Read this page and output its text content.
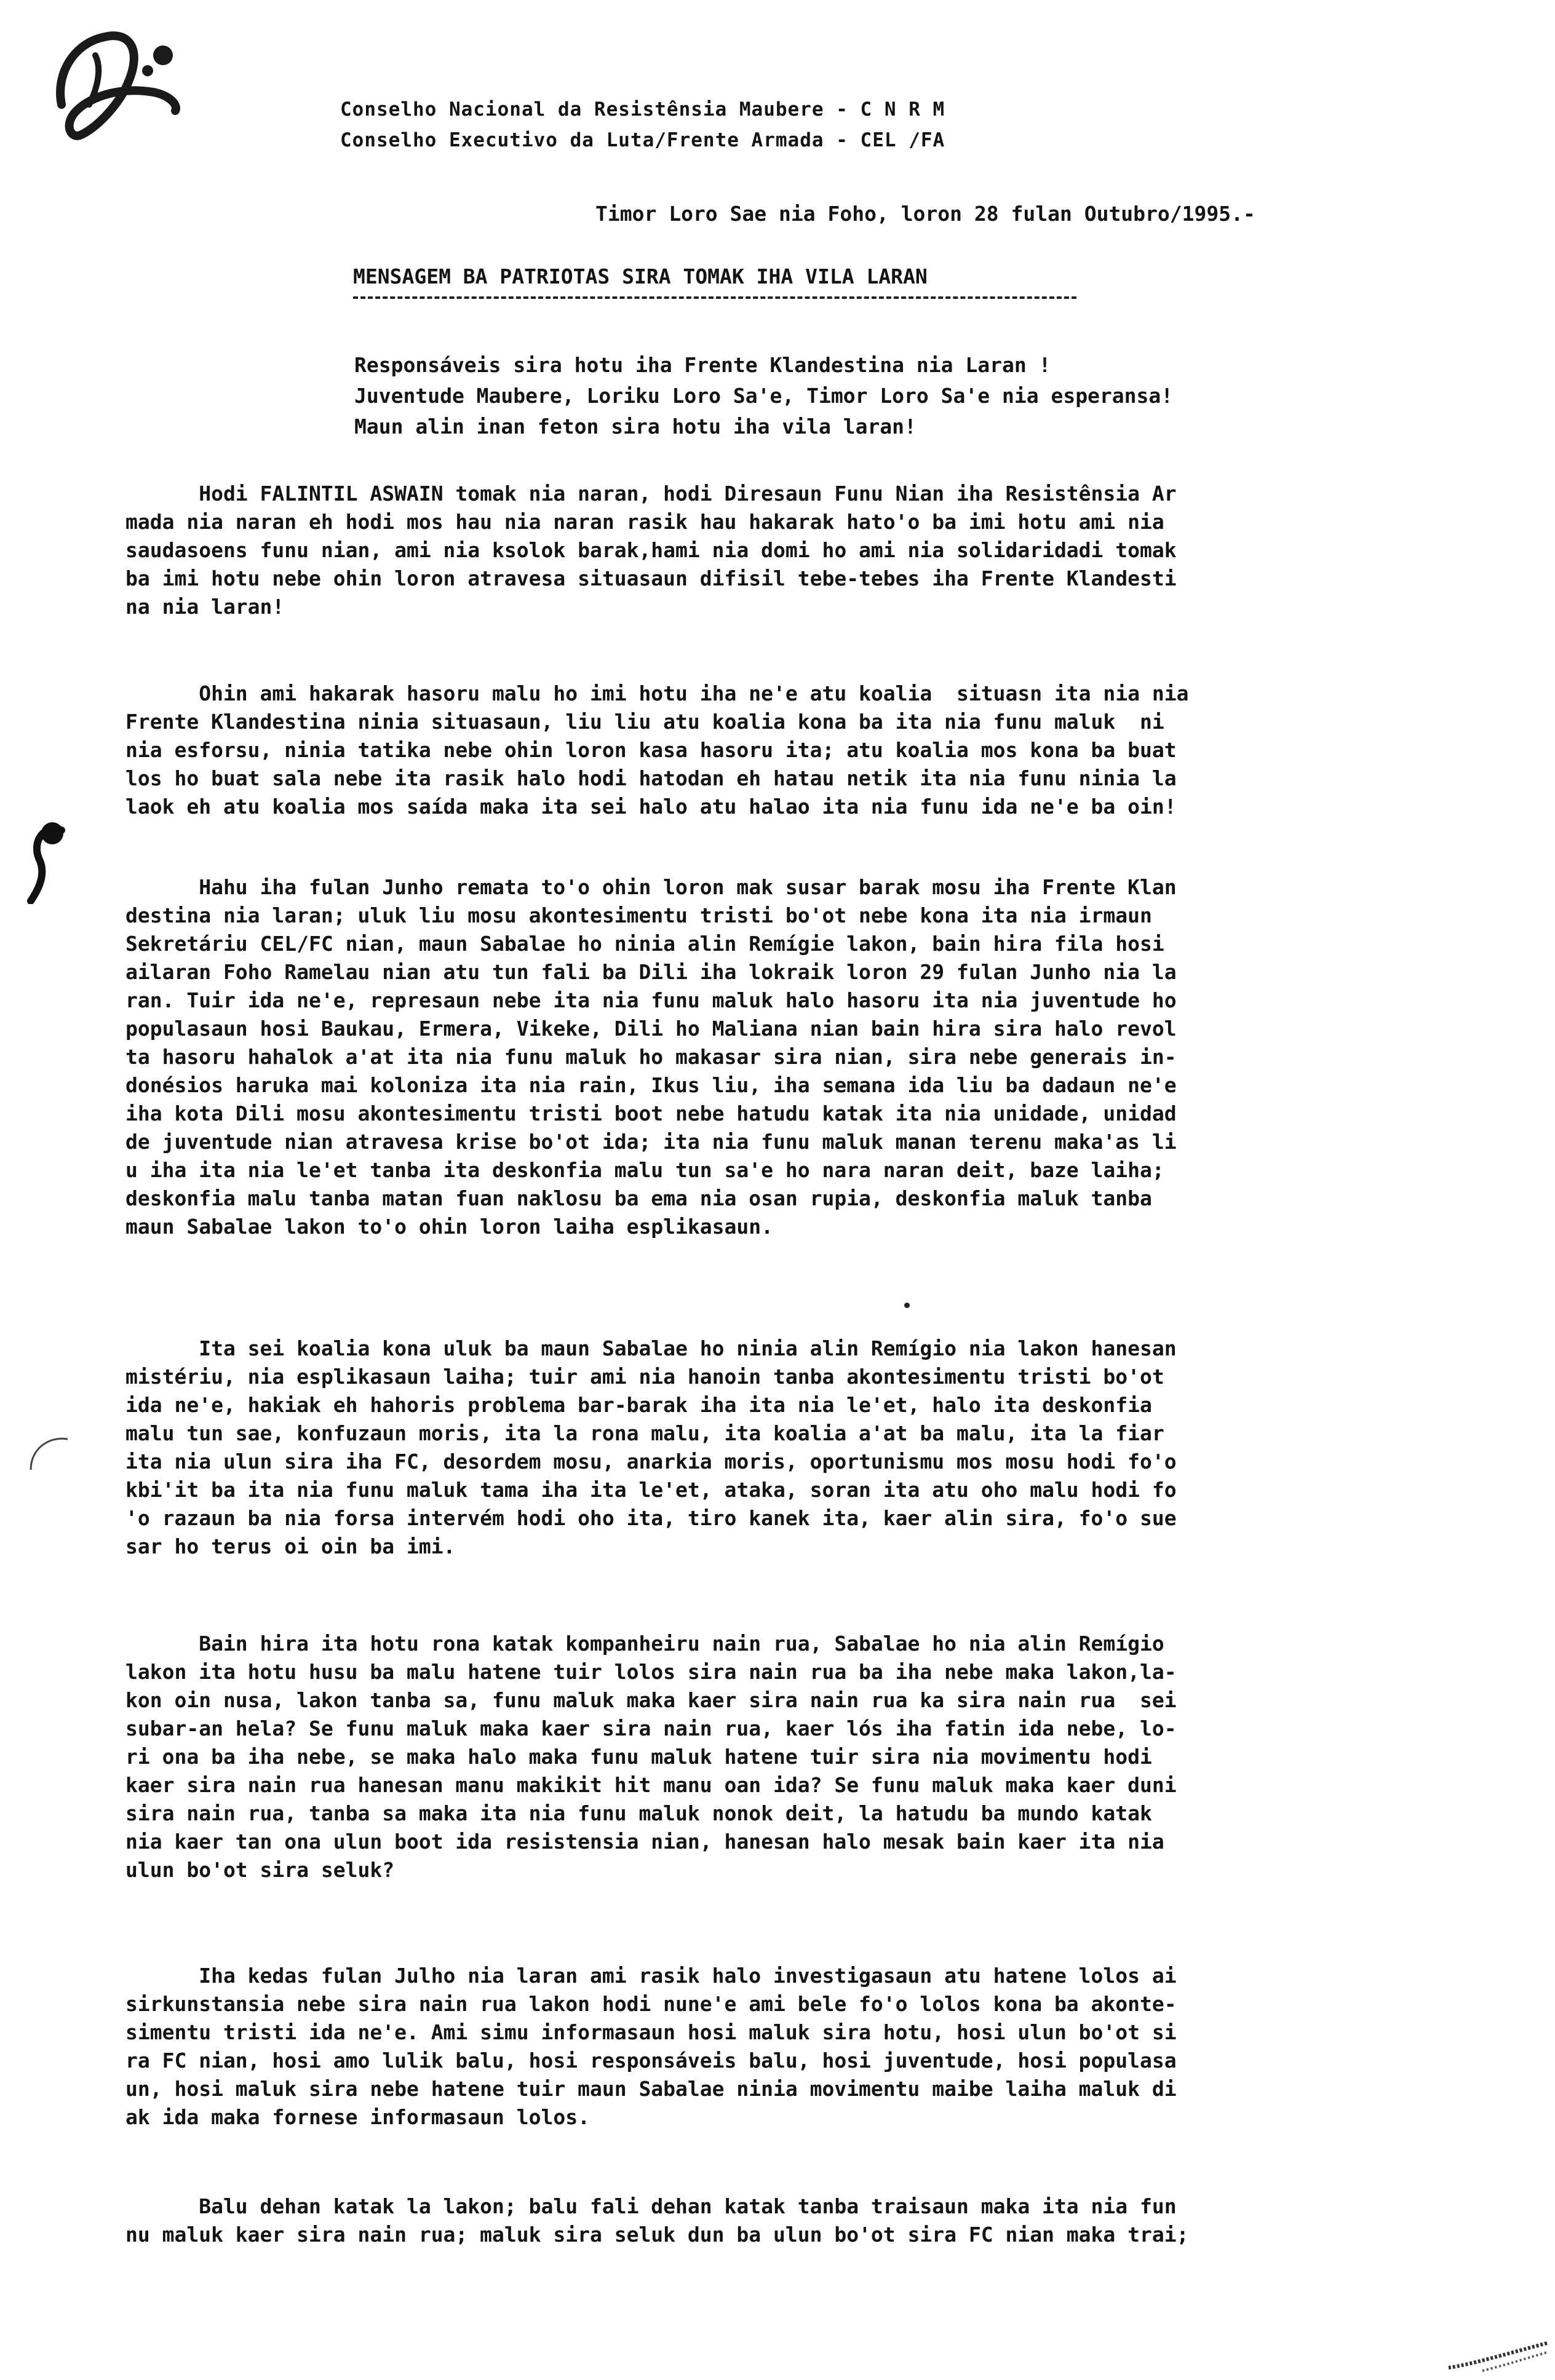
Conselho Nacional da Resistênsia Maubere - C N R M
Conselho Executivo da Luta/Frente Armada - CEL /FA
Timor Loro Sae nia Foho, loron 28 fulan Outubro/1995.-
MENSAGEM BA PATRIOTAS SIRA TOMAK IHA VILA LARAN
Responsáveis sira hotu iha Frente Klandestina nia Laran !
Juventude Maubere, Loriku Loro Sa'e, Timor Loro Sa'e nia esperansa!
Maun alin inan feton sira hotu iha vila laran!
Hodi FALINTIL ASWAIN tomak nia naran, hodi Diresaun Funu Nian iha Resistênsia Ar
mada nia naran eh hodi mos hau nia naran rasik hau hakarak hato'o ba imi hotu ami nia
saudasoens funu nian, ami nia ksolok barak,hami nia domi ho ami nia solidaridadi tomak
ba imi hotu nebe ohin loron atravesa situasaun difisil tebe-tebes iha Frente Klandesti
na nia laran!
Ohin ami hakarak hasoru malu ho imi hotu iha ne'e atu koalia  situasn ita nia nia
Frente Klandestina ninia situasaun, liu liu atu koalia kona ba ita nia funu maluk  ni
nia esforsu, ninia tatika nebe ohin loron kasa hasoru ita; atu koalia mos kona ba buat
los ho buat sala nebe ita rasik halo hodi hatodan eh hatau netik ita nia funu ninia la
laok eh atu koalia mos saída maka ita sei halo atu halao ita nia funu ida ne'e ba oin!
Hahu iha fulan Junho remata to'o ohin loron mak susar barak mosu iha Frente Klan
destina nia laran; uluk liu mosu akontesimentu tristi bo'ot nebe kona ita nia irmaun
Sekretáriu CEL/FC nian, maun Sabalae ho ninia alin Remígie lakon, bain hira fila hosi
ailaran Foho Ramelau nian atu tun fali ba Dili iha lokraik loron 29 fulan Junho nia la
ran. Tuir ida ne'e, represaun nebe ita nia funu maluk halo hasoru ita nia juventude ho
populasaun hosi Baukau, Ermera, Vikeke, Dili ho Maliana nian bain hira sira halo revol
ta hasoru hahalok a'at ita nia funu maluk ho makasar sira nian, sira nebe generais in-
donésios haruka mai koloniza ita nia rain, Ikus liu, iha semana ida liu ba dadaun ne'e
iha kota Dili mosu akontesimentu tristi boot nebe hatudu katak ita nia unidade, unidad
de juventude nian atravesa krise bo'ot ida; ita nia funu maluk manan terenu maka'as li
u iha ita nia le'et tanba ita deskonfia malu tun sa'e ho nara naran deit, baze laiha;
deskonfia malu tanba matan fuan naklosu ba ema nia osan rupia, deskonfia maluk tanba
maun Sabalae lakon to'o ohin loron laiha esplikasaun.
Ita sei koalia kona uluk ba maun Sabalae ho ninia alin Remígio nia lakon hanesan
mistériu, nia esplikasaun laiha; tuir ami nia hanoin tanba akontesimentu tristi bo'ot
ida ne'e, hakiak eh hahoris problema bar-barak iha ita nia le'et, halo ita deskonfia
malu tun sae, konfuzaun moris, ita la rona malu, ita koalia a'at ba malu, ita la fiar
ita nia ulun sira iha FC, desordem mosu, anarkia moris, oportunismu mos mosu hodi fo'o
kbi'it ba ita nia funu maluk tama iha ita le'et, ataka, soran ita atu oho malu hodi fo
'o razaun ba nia forsa intervém hodi oho ita, tiro kanek ita, kaer alin sira, fo'o sue
sar ho terus oi oin ba imi.
Bain hira ita hotu rona katak kompanheiru nain rua, Sabalae ho nia alin Remígio
lakon ita hotu husu ba malu hatene tuir lolos sira nain rua ba iha nebe maka lakon,la-
kon oin nusa, lakon tanba sa, funu maluk maka kaer sira nain rua ka sira nain rua  sei
subar-an hela? Se funu maluk maka kaer sira nain rua, kaer lós iha fatin ida nebe, lo-
ri ona ba iha nebe, se maka halo maka funu maluk hatene tuir sira nia movimentu hodi
kaer sira nain rua hanesan manu makikit hit manu oan ida? Se funu maluk maka kaer duni
sira nain rua, tanba sa maka ita nia funu maluk nonok deit, la hatudu ba mundo katak
nia kaer tan ona ulun boot ida resistensia nian, hanesan halo mesak bain kaer ita nia
ulun bo'ot sira seluk?
Iha kedas fulan Julho nia laran ami rasik halo investigasaun atu hatene lolos ai
sirkunstansia nebe sira nain rua lakon hodi nune'e ami bele fo'o lolos kona ba akonte-
simentu tristi ida ne'e. Ami simu informasaun hosi maluk sira hotu, hosi ulun bo'ot si
ra FC nian, hosi amo lulik balu, hosi responsáveis balu, hosi juventude, hosi populasa
un, hosi maluk sira nebe hatene tuir maun Sabalae ninia movimentu maibe laiha maluk di
ak ida maka fornese informasaun lolos.
Balu dehan katak la lakon; balu fali dehan katak tanba traisaun maka ita nia fun
nu maluk kaer sira nain rua; maluk sira seluk dun ba ulun bo'ot sira FC nian maka trai;
